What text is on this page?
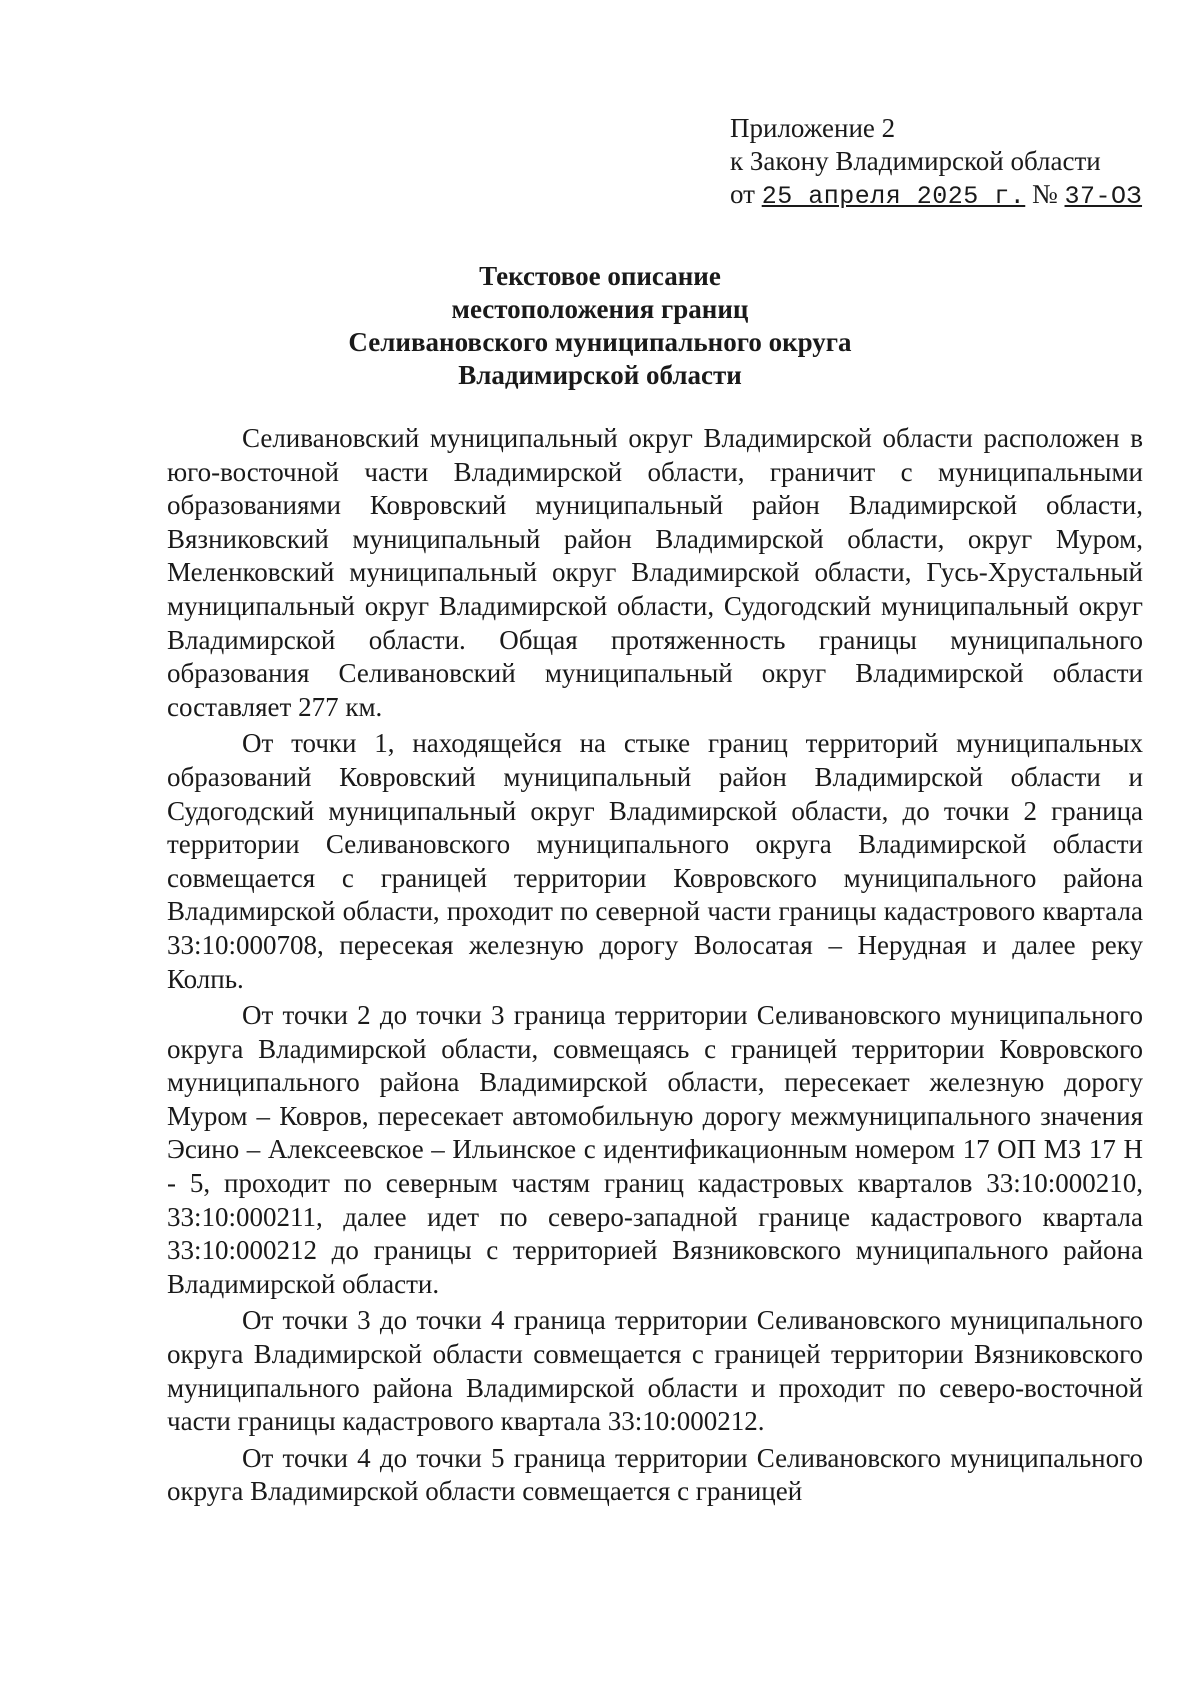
Приложение 2
к Закону Владимирской области
от 25 апреля 2025 г. № 37-ОЗ
Текстовое описание
местоположения границ
Селивановского муниципального округа
Владимирской области

Селивановский муниципальный округ Владимирской области расположен в юго-восточной части Владимирской области, граничит с муниципальными образованиями Ковровский муниципальный район Владимирской области, Вязниковский муниципальный район Владимирской области, округ Муром, Меленковский муниципальный округ Владимирской области, Гусь-Хрустальный муниципальный округ Владимирской области, Судогодский муниципальный округ Владимирской области. Общая протяженность границы муниципального образования Селивановский муниципальный округ Владимирской области составляет 277 км.

От точки 1, находящейся на стыке границ территорий муниципальных образований Ковровский муниципальный район Владимирской области и Судогодский муниципальный округ Владимирской области, до точки 2 граница территории Селивановского муниципального округа Владимирской области совмещается с границей территории Ковровского муниципального района Владимирской области, проходит по северной части границы кадастрового квартала 33:10:000708, пересекая железную дорогу Волосатая – Нерудная и далее реку Колпь.

От точки 2 до точки 3 граница территории Селивановского муниципального округа Владимирской области, совмещаясь с границей территории Ковровского муниципального района Владимирской области, пересекает железную дорогу Муром – Ковров, пересекает автомобильную дорогу межмуниципального значения Эсино – Алексеевское – Ильинское с идентификационным номером 17 ОП МЗ 17 Н - 5, проходит по северным частям границ кадастровых кварталов 33:10:000210, 33:10:000211, далее идет по северо-западной границе кадастрового квартала 33:10:000212 до границы с территорией Вязниковского муниципального района Владимирской области.

От точки 3 до точки 4 граница территории Селивановского муниципального округа Владимирской области совмещается с границей территории Вязниковского муниципального района Владимирской области и проходит по северо-восточной части границы кадастрового квартала 33:10:000212.

От точки 4 до точки 5 граница территории Селивановского муниципального округа Владимирской области совмещается с границей
